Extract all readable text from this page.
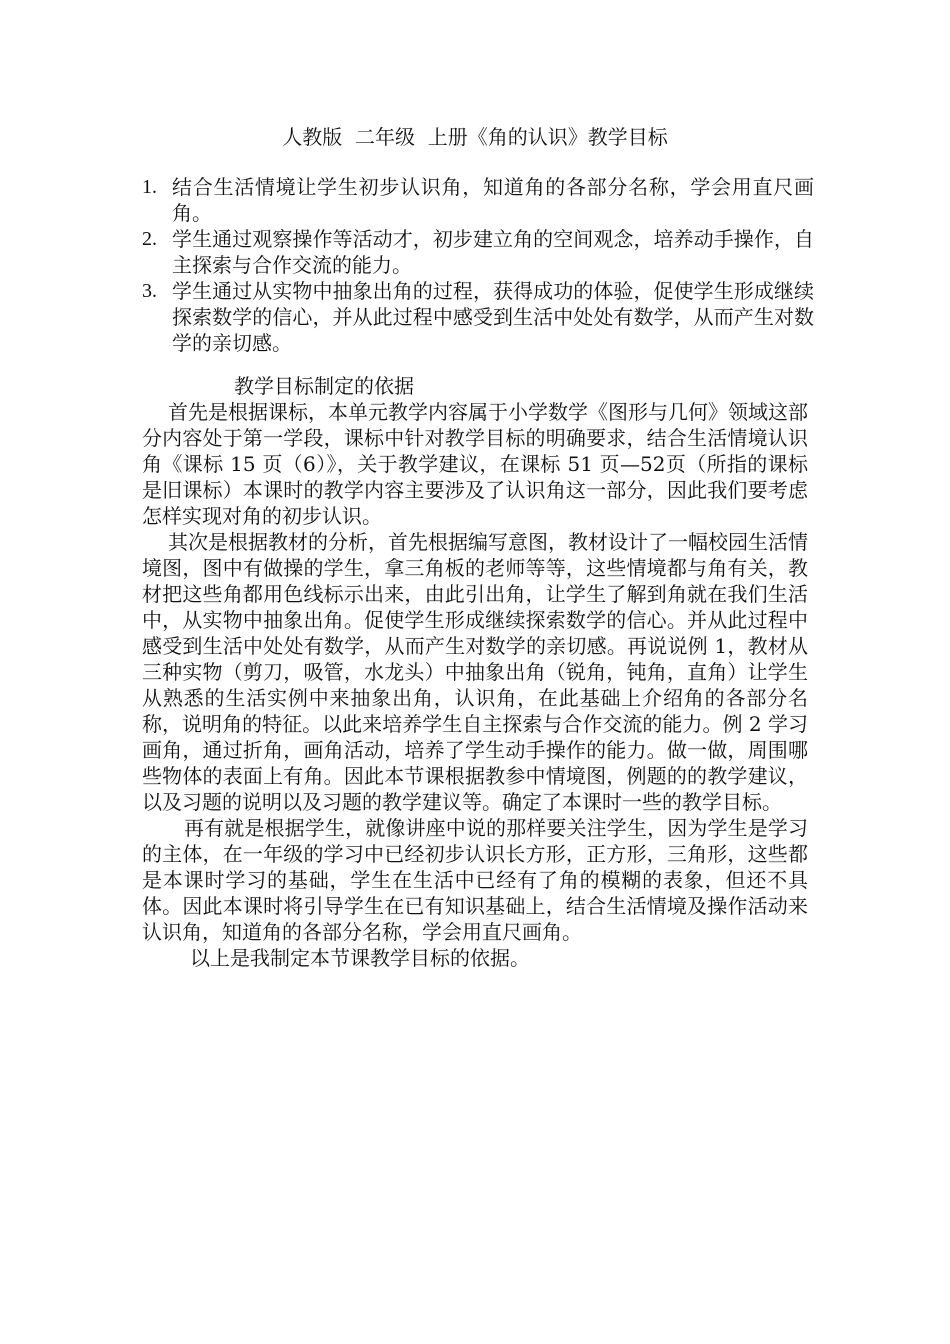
人教版  二年级  上册《角的认识》教学目标
1. 结合生活情境让学生初步认识角，知道角的各部分名称，学会用直尺画角。
2. 学生通过观察操作等活动才，初步建立角的空间观念，培养动手操作，自主探索与合作交流的能力。
3. 学生通过从实物中抽象出角的过程，获得成功的体验，促使学生形成继续探索数学的信心，并从此过程中感受到生活中处处有数学，从而产生对数学的亲切感。
教学目标制定的依据

首先是根据课标，本单元教学内容属于小学数学《图形与几何》领域这部分内容处于第一学段，课标中针对教学目标的明确要求，结合生活情境认识角《课标 15 页（6）》，关于教学建议，在课标 51 页—52页（所指的课标是旧课标）本课时的教学内容主要涉及了认识角这一部分，因此我们要考虑怎样实现对角的初步认识。

其次是根据教材的分析，首先根据编写意图，教材设计了一幅校园生活情境图，图中有做操的学生，拿三角板的老师等等，这些情境都与角有关，教材把这些角都用色线标示出来，由此引出角，让学生了解到角就在我们生活中，从实物中抽象出角。促使学生形成继续探索数学的信心。并从此过程中感受到生活中处处有数学，从而产生对数学的亲切感。再说说例 1，教材从三种实物（剪刀，吸管，水龙头）中抽象出角（锐角，钝角，直角）让学生从熟悉的生活实例中来抽象出角，认识角，在此基础上介绍角的各部分名称，说明角的特征。以此来培养学生自主探索与合作交流的能力。例 2 学习画角，通过折角，画角活动，培养了学生动手操作的能力。做一做，周围哪些物体的表面上有角。因此本节课根据教参中情境图，例题的的教学建议，以及习题的说明以及习题的教学建议等。确定了本课时一些的教学目标。

再有就是根据学生，就像讲座中说的那样要关注学生，因为学生是学习的主体，在一年级的学习中已经初步认识长方形，正方形，三角形，这些都是本课时学习的基础，学生在生活中已经有了角的模糊的表象，但还不具体。因此本课时将引导学生在已有知识基础上，结合生活情境及操作活动来认识角，知道角的各部分名称，学会用直尺画角。

以上是我制定本节课教学目标的依据。
